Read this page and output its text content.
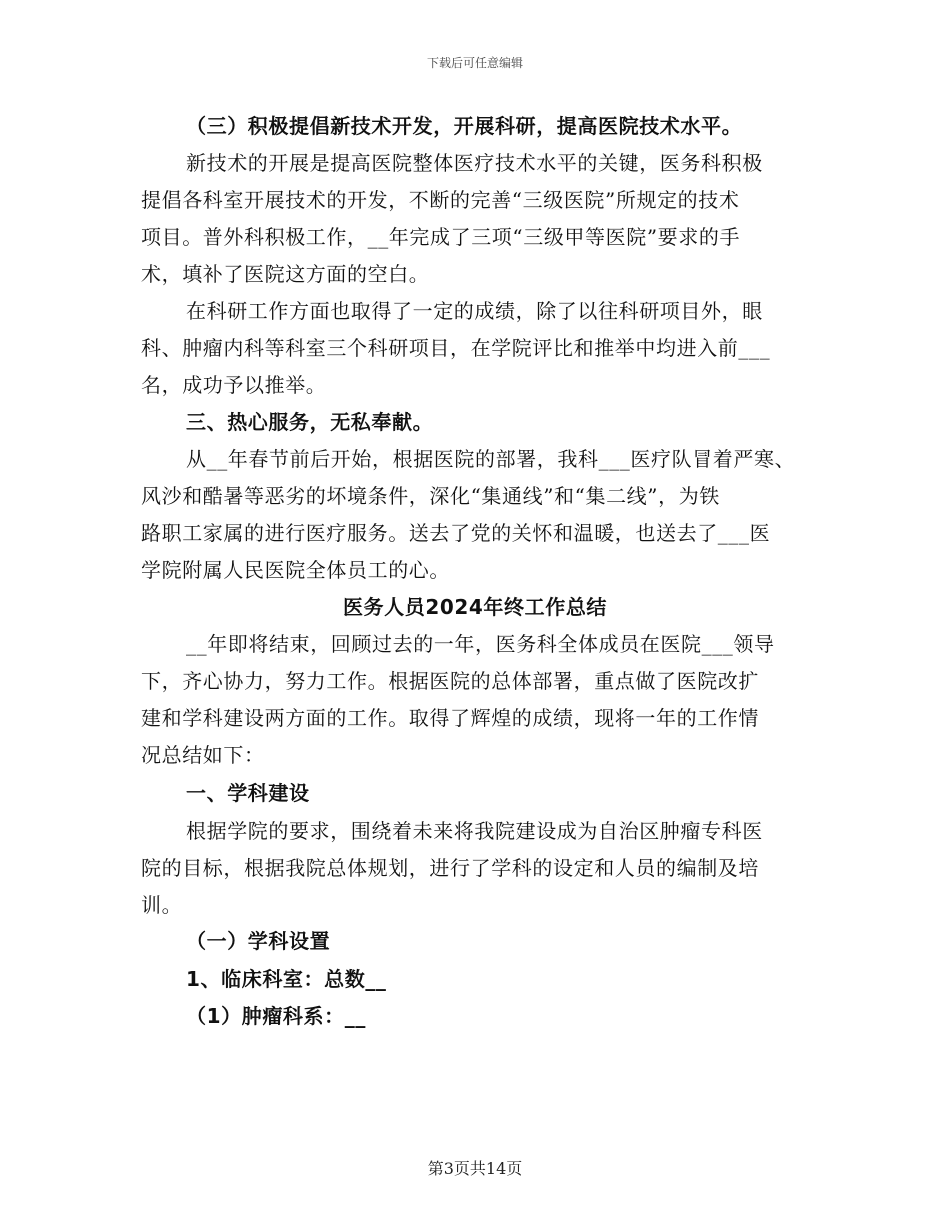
下载后可任意编辑
（三）积极提倡新技术开发，开展科研，提高医院技术水平。
新技术的开展是提高医院整体医疗技术水平的关键，医务科积极
提倡各科室开展技术的开发，不断的完善“三级医院”所规定的技术
项目。普外科积极工作，__年完成了三项“三级甲等医院”要求的手
术，填补了医院这方面的空白。
在科研工作方面也取得了一定的成绩，除了以往科研项目外，眼
科、肿瘤内科等科室三个科研项目，在学院评比和推举中均进入前___
名，成功予以推举。
三、热心服务，无私奉献。
从__年春节前后开始，根据医院的部署，我科___医疗队冒着严寒、
风沙和酷暑等恶劣的坏境条件，深化“集通线”和“集二线”，为铁
路职工家属的进行医疗服务。送去了党的关怀和温暖，也送去了___医
学院附属人民医院全体员工的心。
医务人员2024年终工作总结
__年即将结束，回顾过去的一年，医务科全体成员在医院___领导
下，齐心协力，努力工作。根据医院的总体部署，重点做了医院改扩
建和学科建设两方面的工作。取得了辉煌的成绩，现将一年的工作情
况总结如下：
一、学科建设
根据学院的要求，围绕着未来将我院建设成为自治区肿瘤专科医
院的目标，根据我院总体规划，进行了学科的设定和人员的编制及培
训。
（一）学科设置
1、临床科室：总数__
（1）肿瘤科系：__
第3页共14页
